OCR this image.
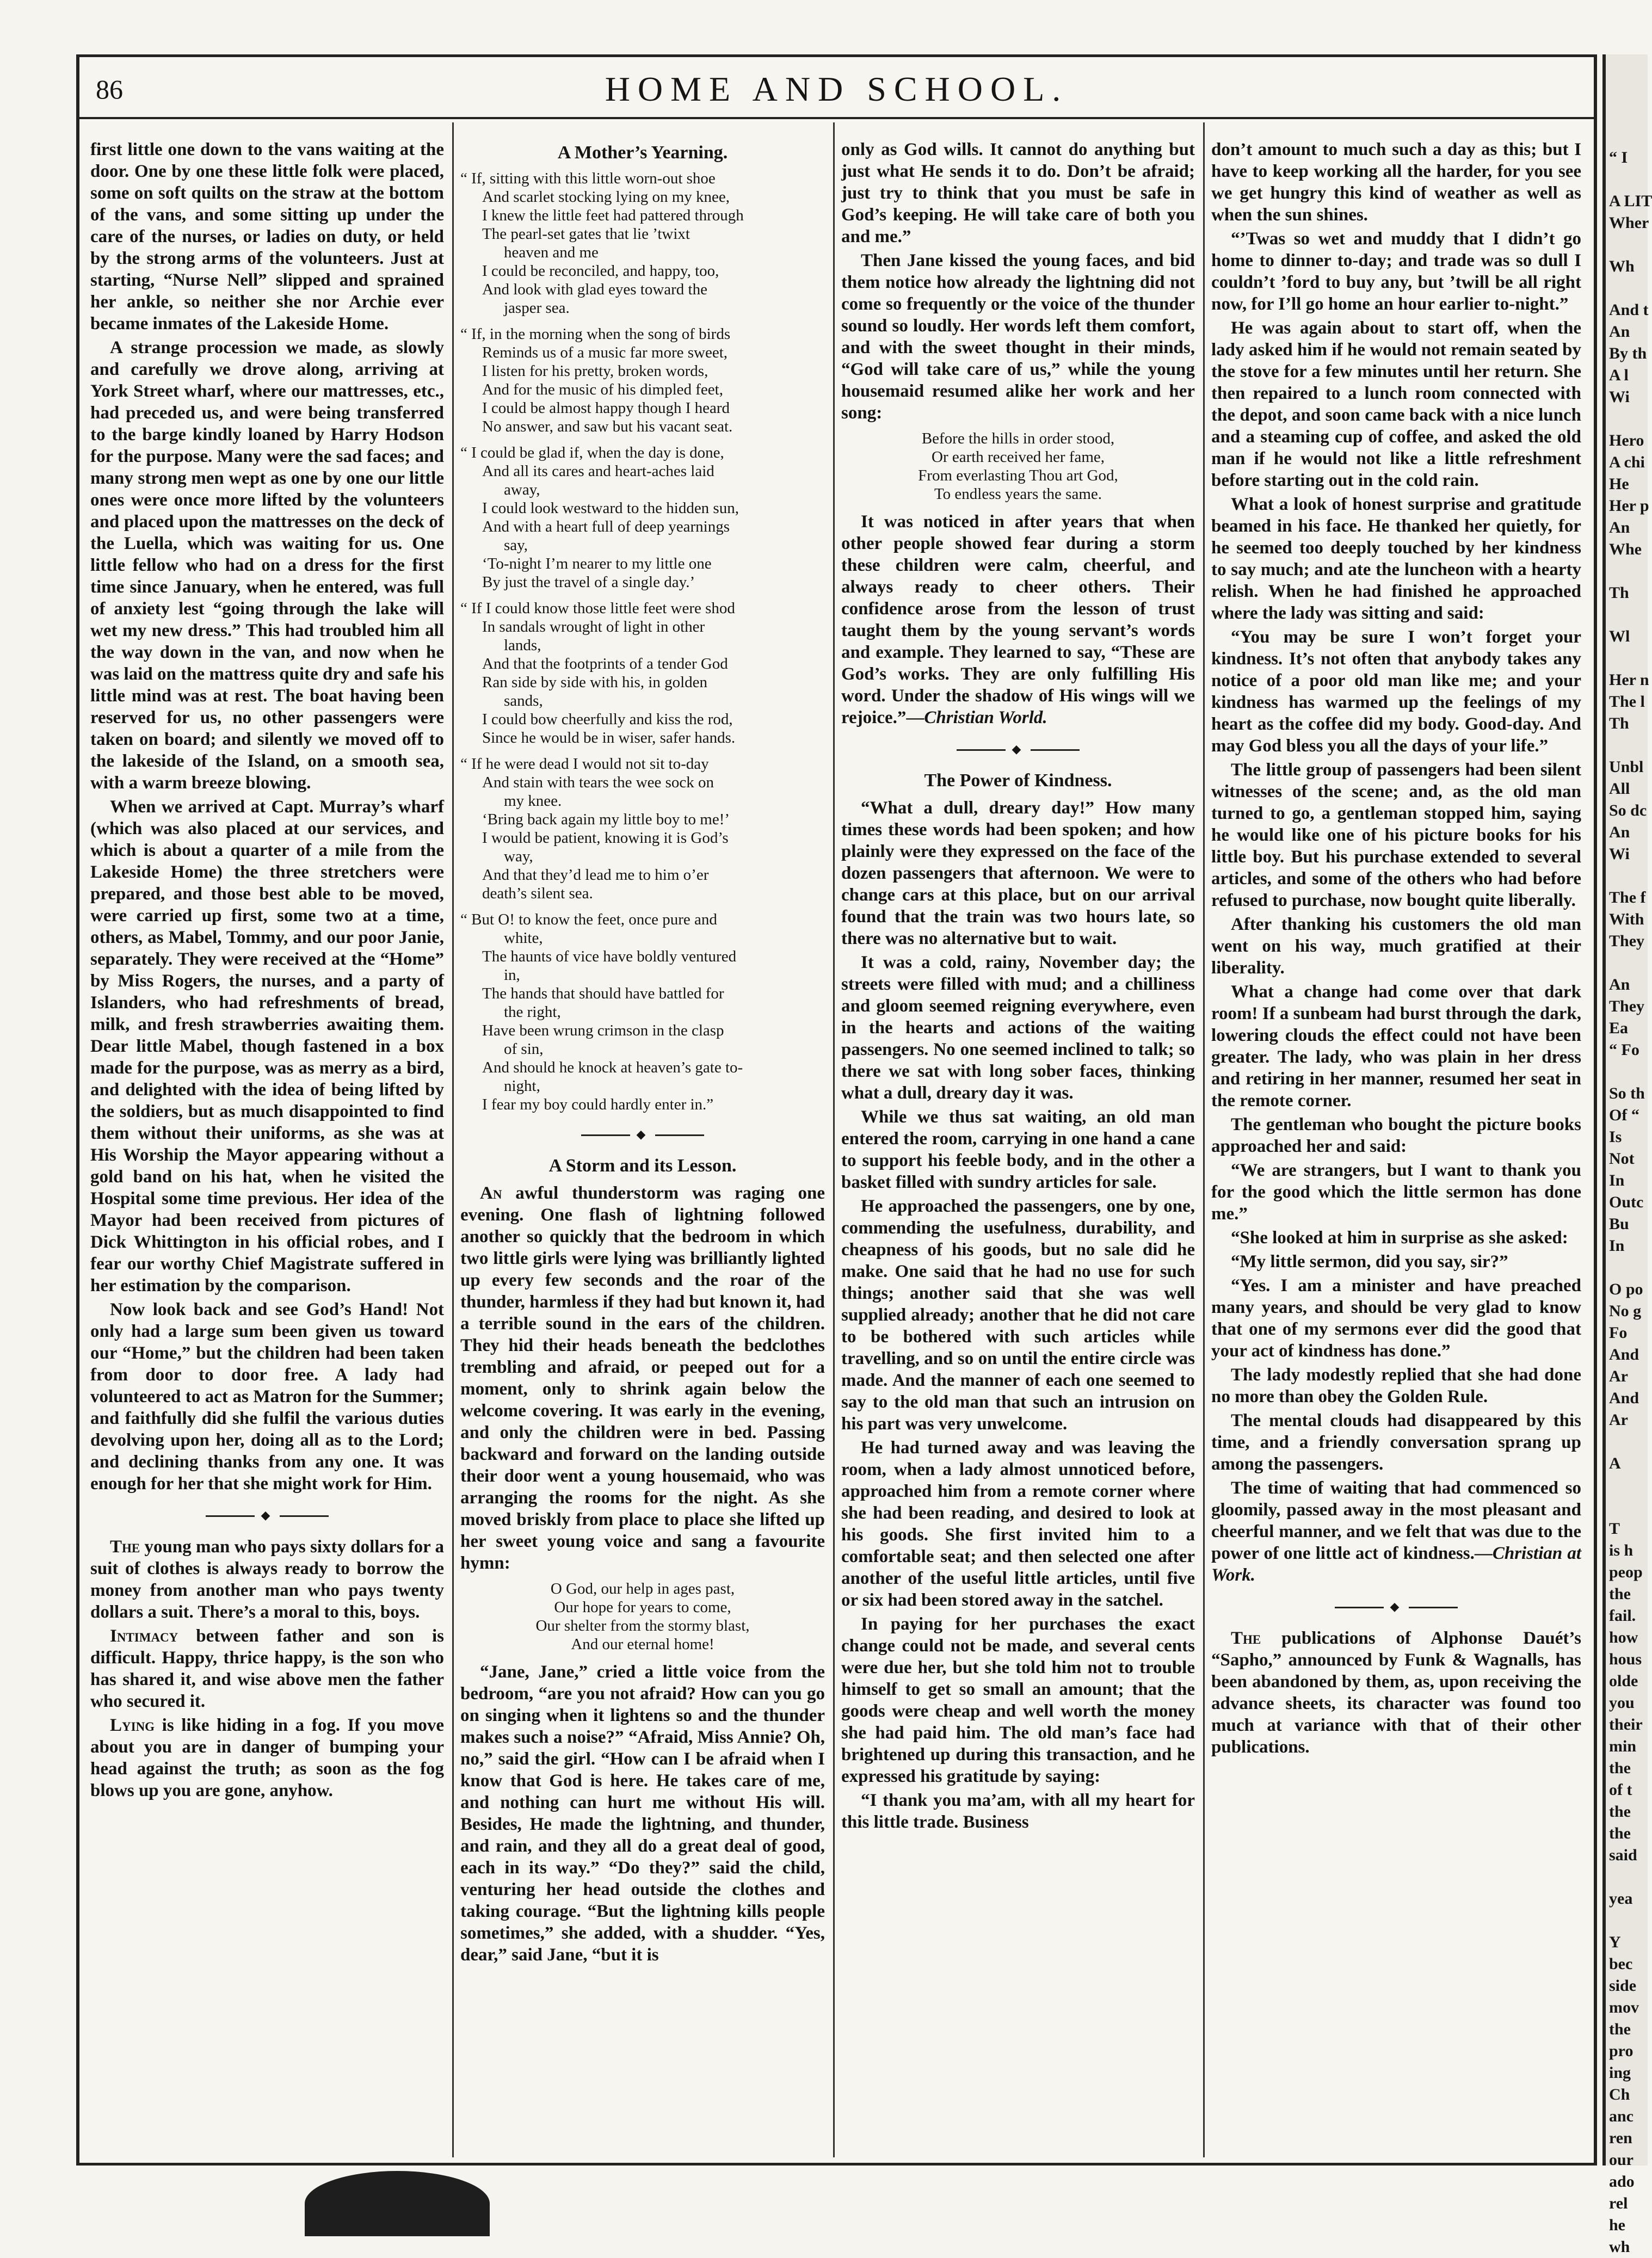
86	HOME AND SCHOOL.

first little one down to the vans waiting at the door. One by one these little folk were placed, some on soft quilts on the straw at the bottom of the vans, and some sitting up under the care of the nurses, or ladies on duty, or held by the strong arms of the volunteers. Just at starting, “Nurse Nell” slipped and sprained her ankle, so neither she nor Archie ever became inmates of the Lakeside Home.

A strange procession we made, as slowly and carefully we drove along, arriving at York Street wharf, where our mattresses, etc., had preceded us, and were being transferred to the barge kindly loaned by Harry Hodson for the purpose. Many were the sad faces; and many strong men wept as one by one our little ones were once more lifted by the volunteers and placed upon the mattresses on the deck of the Luella, which was waiting for us. One little fellow who had on a dress for the first time since January, when he entered, was full of anxiety lest “going through the lake will wet my new dress.” This had troubled him all the way down in the van, and now when he was laid on the mattress quite dry and safe his little mind was at rest. The boat having been reserved for us, no other passengers were taken on board; and silently we moved off to the lakeside of the Island, on a smooth sea, with a warm breeze blowing.

When we arrived at Capt. Murray’s wharf (which was also placed at our services, and which is about a quarter of a mile from the Lakeside Home) the three stretchers were prepared, and those best able to be moved, were carried up first, some two at a time, others, as Mabel, Tommy, and our poor Janie, separately. They were received at the “Home” by Miss Rogers, the nurses, and a party of Islanders, who had refreshments of bread, milk, and fresh strawberries awaiting them. Dear little Mabel, though fastened in a box made for the purpose, was as merry as a bird, and delighted with the idea of being lifted by the soldiers, but as much disappointed to find them without their uniforms, as she was at His Worship the Mayor appearing without a gold band on his hat, when he visited the Hospital some time previous. Her idea of the Mayor had been received from pictures of Dick Whittington in his official robes, and I fear our worthy Chief Magistrate suffered in her estimation by the comparison.

Now look back and see God’s Hand! Not only had a large sum been given us toward our “Home,” but the children had been taken from door to door free. A lady had volunteered to act as Matron for the Summer; and faithfully did she fulfil the various duties devolving upon her, doing all as to the Lord; and declining thanks from any one. It was enough for her that she might work for Him.

◆

The young man who pays sixty dollars for a suit of clothes is always ready to borrow the money from another man who pays twenty dollars a suit. There’s a moral to this, boys.

Intimacy between father and son is difficult. Happy, thrice happy, is the son who has shared it, and wise above men the father who secured it.

Lying is like hiding in a fog. If you move about you are in danger of bumping your head against the truth; as soon as the fog blows up you are gone, anyhow.

A Mother’s Yearning.
“ If, sitting with this little worn-out shoe
And scarlet stocking lying on my knee,
I knew the little feet had pattered through
The pearl-set gates that lie ’twixt
heaven and me
I could be reconciled, and happy, too,
And look with glad eyes toward the
jasper sea.
“ If, in the morning when the song of birds
Reminds us of a music far more sweet,
I listen for his pretty, broken words,
And for the music of his dimpled feet,
I could be almost happy though I heard
No answer, and saw but his vacant seat.
“ I could be glad if, when the day is done,
And all its cares and heart-aches laid
away,
I could look westward to the hidden sun,
And with a heart full of deep yearnings
say,
‘To-night I’m nearer to my little one
By just the travel of a single day.’
“ If I could know those little feet were shod
In sandals wrought of light in other
lands,
And that the footprints of a tender God
Ran side by side with his, in golden
sands,
I could bow cheerfully and kiss the rod,
Since he would be in wiser, safer hands.
“ If he were dead I would not sit to-day
And stain with tears the wee sock on
my knee.
‘Bring back again my little boy to me!’
I would be patient, knowing it is God’s
way,
And that they’d lead me to him o’er
death’s silent sea.
“ But O! to know the feet, once pure and
white,
The haunts of vice have boldly ventured
in,
The hands that should have battled for
the right,
Have been wrung crimson in the clasp
of sin,
And should he knock at heaven’s gate to-
night,
I fear my boy could hardly enter in.”
◆
A Storm and its Lesson.

An awful thunderstorm was raging one evening. One flash of lightning followed another so quickly that the bedroom in which two little girls were lying was brilliantly lighted up every few seconds and the roar of the thunder, harmless if they had but known it, had a terrible sound in the ears of the children. They hid their heads beneath the bedclothes trembling and afraid, or peeped out for a moment, only to shrink again below the welcome covering. It was early in the evening, and only the children were in bed. Passing backward and forward on the landing outside their door went a young housemaid, who was arranging the rooms for the night. As she moved briskly from place to place she lifted up her sweet young voice and sang a favourite hymn:

O God, our help in ages past,
Our hope for years to come,
Our shelter from the stormy blast,
And our eternal home!

“Jane, Jane,” cried a little voice from the bedroom, “are you not afraid? How can you go on singing when it lightens so and the thunder makes such a noise?” “Afraid, Miss Annie? Oh, no,” said the girl. “How can I be afraid when I know that God is here. He takes care of me, and nothing can hurt me without His will. Besides, He made the lightning, and thunder, and rain, and they all do a great deal of good, each in its way.” “Do they?” said the child, venturing her head outside the clothes and taking courage. “But the lightning kills people sometimes,” she added, with a shudder. “Yes, dear,” said Jane, “but it is

only as God wills. It cannot do anything but just what He sends it to do. Don’t be afraid; just try to think that you must be safe in God’s keeping. He will take care of both you and me.”

Then Jane kissed the young faces, and bid them notice how already the lightning did not come so frequently or the voice of the thunder sound so loudly. Her words left them comfort, and with the sweet thought in their minds, “God will take care of us,” while the young housemaid resumed alike her work and her song:

Before the hills in order stood,
Or earth received her fame,
From everlasting Thou art God,
To endless years the same.

It was noticed in after years that when other people showed fear during a storm these children were calm, cheerful, and always ready to cheer others. Their confidence arose from the lesson of trust taught them by the young servant’s words and example. They learned to say, “These are God’s works. They are only fulfilling His word. Under the shadow of His wings will we rejoice.”—Christian World.

◆
The Power of Kindness.

“What a dull, dreary day!” How many times these words had been spoken; and how plainly were they expressed on the face of the dozen passengers that afternoon. We were to change cars at this place, but on our arrival found that the train was two hours late, so there was no alternative but to wait.

It was a cold, rainy, November day; the streets were filled with mud; and a chilliness and gloom seemed reigning everywhere, even in the hearts and actions of the waiting passengers. No one seemed inclined to talk; so there we sat with long sober faces, thinking what a dull, dreary day it was.

While we thus sat waiting, an old man entered the room, carrying in one hand a cane to support his feeble body, and in the other a basket filled with sundry articles for sale.

He approached the passengers, one by one, commending the usefulness, durability, and cheapness of his goods, but no sale did he make. One said that he had no use for such things; another said that she was well supplied already; another that he did not care to be bothered with such articles while travelling, and so on until the entire circle was made. And the manner of each one seemed to say to the old man that such an intrusion on his part was very unwelcome.

He had turned away and was leaving the room, when a lady almost unnoticed before, approached him from a remote corner where she had been reading, and desired to look at his goods. She first invited him to a comfortable seat; and then selected one after another of the useful little articles, until five or six had been stored away in the satchel.

In paying for her purchases the exact change could not be made, and several cents were due her, but she told him not to trouble himself to get so small an amount; that the goods were cheap and well worth the money she had paid him. The old man’s face had brightened up during this transaction, and he expressed his gratitude by saying:

“I thank you ma’am, with all my heart for this little trade. Business

don’t amount to much such a day as this; but I have to keep working all the harder, for you see we get hungry this kind of weather as well as when the sun shines.

“’Twas so wet and muddy that I didn’t go home to dinner to-day; and trade was so dull I couldn’t ’ford to buy any, but ’twill be all right now, for I’ll go home an hour earlier to-night.”

He was again about to start off, when the lady asked him if he would not remain seated by the stove for a few minutes until her return. She then repaired to a lunch room connected with the depot, and soon came back with a nice lunch and a steaming cup of coffee, and asked the old man if he would not like a little refreshment before starting out in the cold rain.

What a look of honest surprise and gratitude beamed in his face. He thanked her quietly, for he seemed too deeply touched by her kindness to say much; and ate the luncheon with a hearty relish. When he had finished he approached where the lady was sitting and said:

“You may be sure I won’t forget your kindness. It’s not often that anybody takes any notice of a poor old man like me; and your kindness has warmed up the feelings of my heart as the coffee did my body. Good-day. And may God bless you all the days of your life.”

The little group of passengers had been silent witnesses of the scene; and, as the old man turned to go, a gentleman stopped him, saying he would like one of his picture books for his little boy. But his purchase extended to several articles, and some of the others who had before refused to purchase, now bought quite liberally.

After thanking his customers the old man went on his way, much gratified at their liberality.

What a change had come over that dark room! If a sunbeam had burst through the dark, lowering clouds the effect could not have been greater. The lady, who was plain in her dress and retiring in her manner, resumed her seat in the remote corner.

The gentleman who bought the picture books approached her and said:

“We are strangers, but I want to thank you for the good which the little sermon has done me.”

“She looked at him in surprise as she asked:

“My little sermon, did you say, sir?”

“Yes. I am a minister and have preached many years, and should be very glad to know that one of my sermons ever did the good that your act of kindness has done.”

The lady modestly replied that she had done no more than obey the Golden Rule.

The mental clouds had disappeared by this time, and a friendly conversation sprang up among the passengers.

The time of waiting that had commenced so gloomily, passed away in the most pleasant and cheerful manner, and we felt that was due to the power of one little act of kindness.—Christian at Work.

◆

The publications of Alphonse Dauét’s “Sapho,” announced by Funk & Wagnalls, has been abandoned by them, as, upon receiving the advance sheets, its character was found too much at variance with that of their other publications.

“ I

A LIT
Wher

Wh

And t
An
By th
A l
Wi

Hero
A chi
He
Her p
An
Whe

Th

Wl

Her n
The l
Th

Unbl
All
So dc
An
Wi

The f
With
They

An
They
Ea
“ Fo

So th
Of “
Is
Not
In
Outc
Bu
In

O po
No g
Fo
And
Ar
And
Ar

A

T
is h
peop
the
fail.
how
hous
olde
you
their
min
the
of t
the
the
said

yea

Y
bec
side
mov
the
pro
ing
Ch
anc
ren
our
ado
rel
he
wh
